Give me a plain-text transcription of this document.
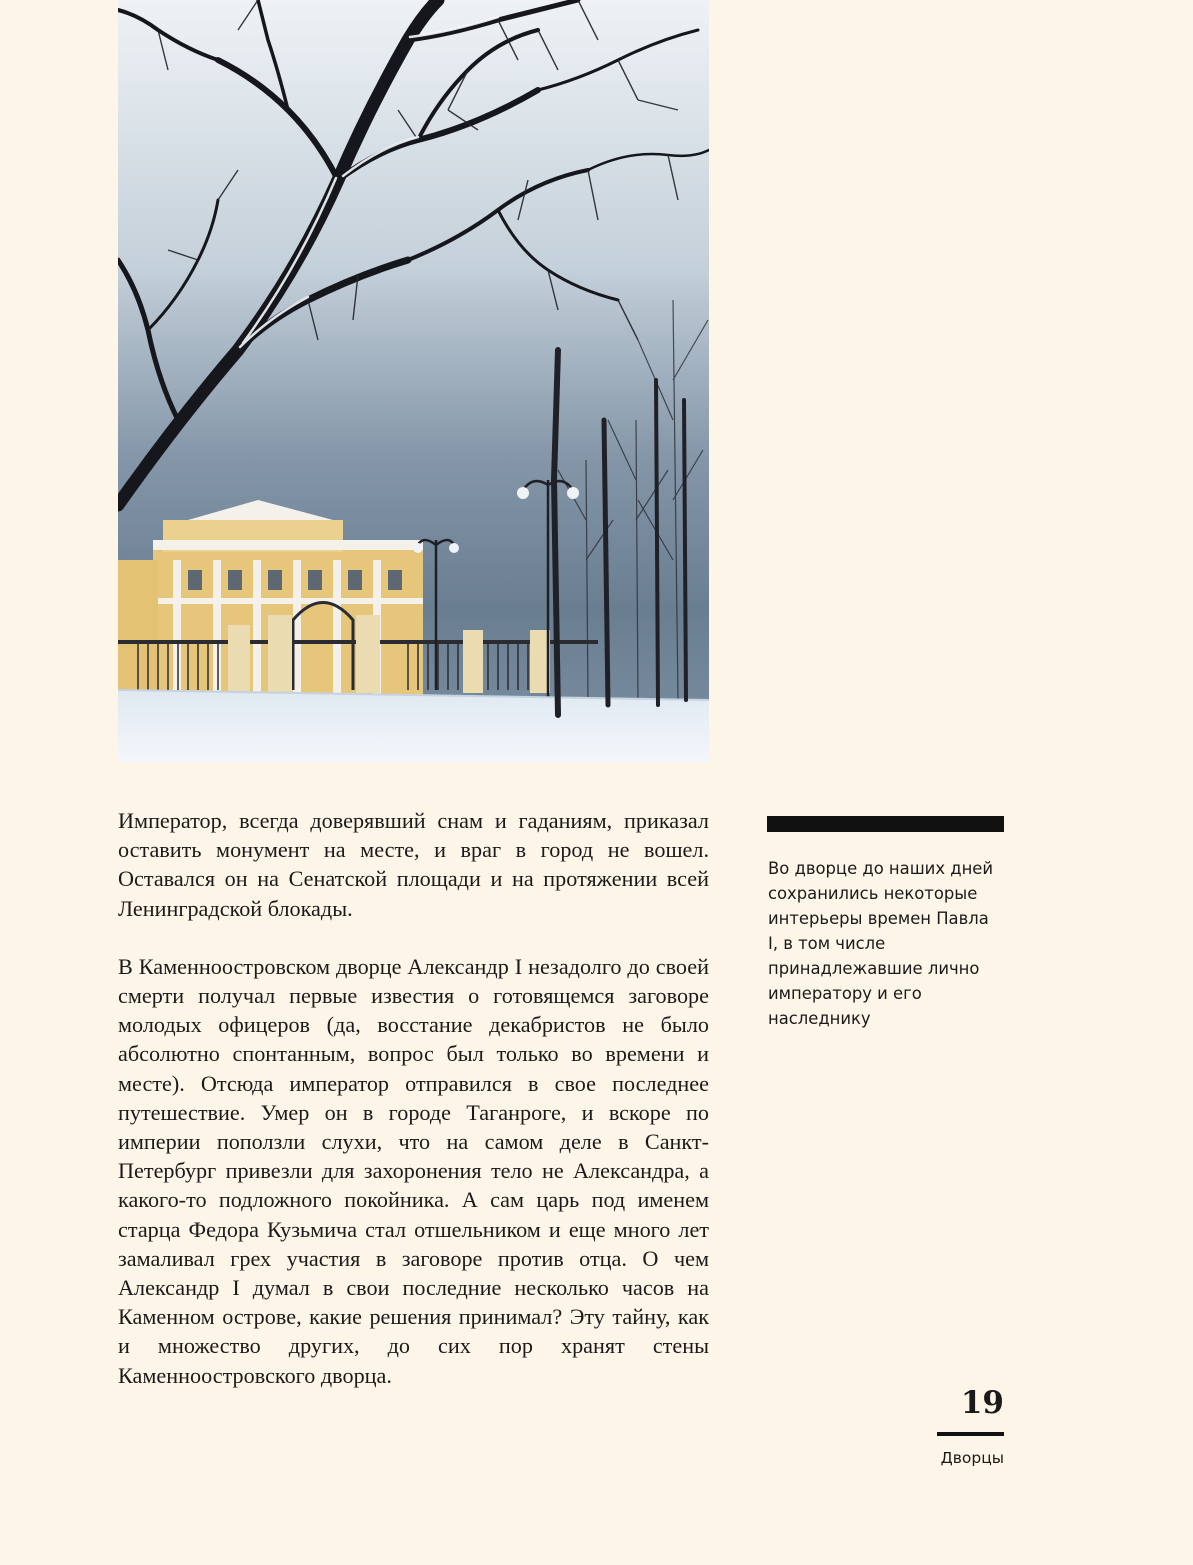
Император, всегда доверявший снам и гаданиям, приказал оставить монумент на месте, и враг в город не вошел. Оставался он на Сенатской площади и на протяжении всей Ленинградской блокады.

В Каменноостровском дворце Александр I незадолго до своей смерти получал первые известия о готовящемся заговоре молодых офицеров (да, восстание декабристов не было абсолютно спонтанным, вопрос был только во времени и месте). Отсюда император отправился в свое последнее путешествие. Умер он в городе Таганроге, и вскоре по империи поползли слухи, что на самом деле в Санкт-Петербург привезли для захоронения тело не Александра, а какого-то подложного покойника. А сам царь под именем старца Федора Кузьмича стал отшельником и еще много лет замаливал грех участия в заговоре против отца. О чем Александр I думал в свои последние несколько часов на Каменном острове, какие решения принимал? Эту тайну, как и множество других, до сих пор хранят стены Каменноостровского дворца.

Во дворце до наших дней сохранились некоторые интерьеры времен Павла I, в том числе принадлежавшие лично императору и его наследнику
19
Дворцы
